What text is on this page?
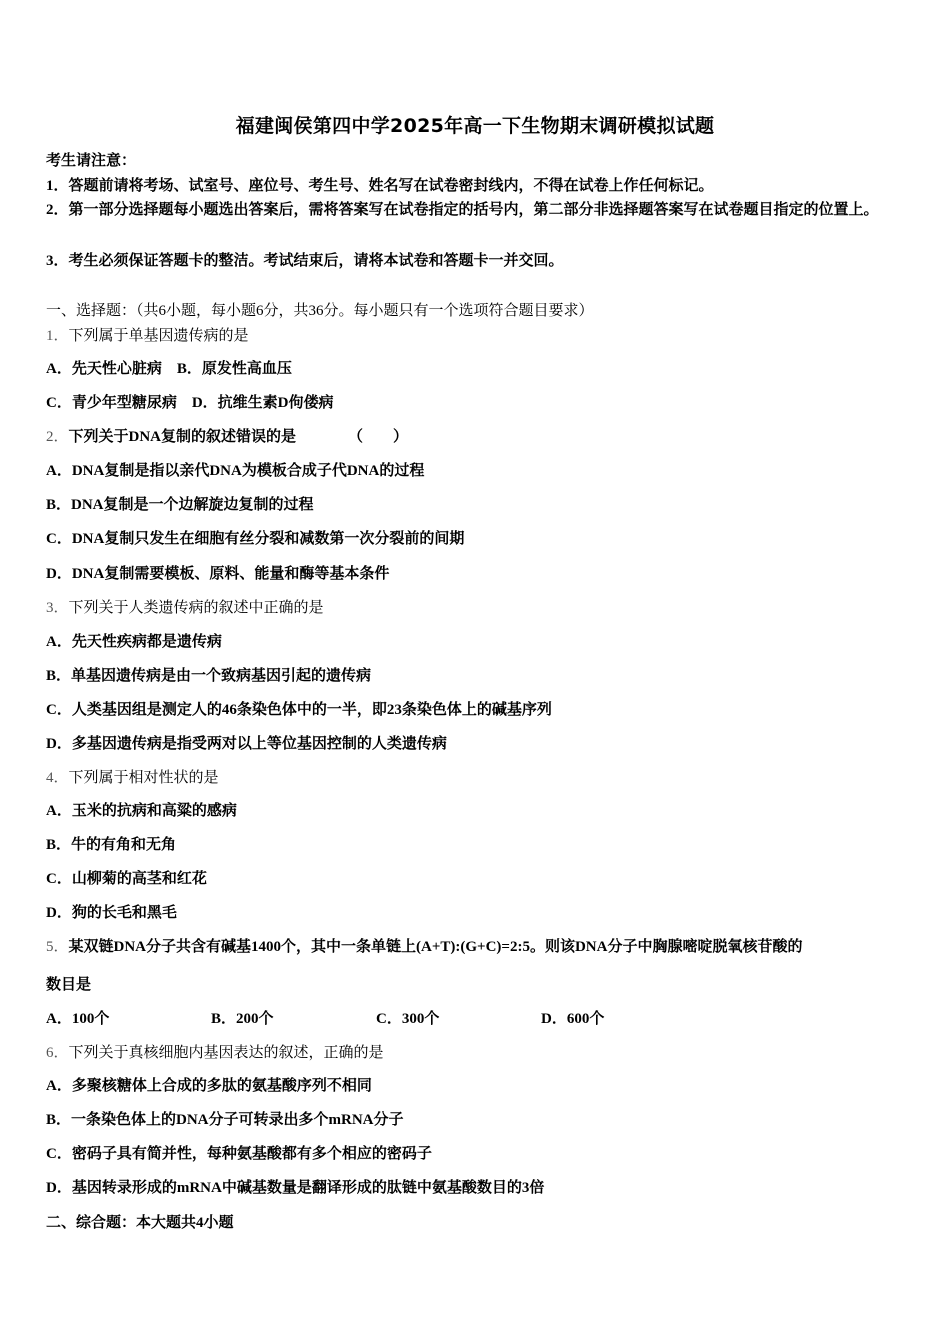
福建闽侯第四中学2025年高一下生物期末调研模拟试题
考生请注意：
1．答题前请将考场、试室号、座位号、考生号、姓名写在试卷密封线内，不得在试卷上作任何标记。
2．第一部分选择题每小题选出答案后，需将答案写在试卷指定的括号内，第二部分非选择题答案写在试卷题目指定的位置上。
3．考生必须保证答题卡的整洁。考试结束后，请将本试卷和答题卡一并交回。
一、选择题：（共6小题，每小题6分，共36分。每小题只有一个选项符合题目要求）
1．下列属于单基因遗传病的是
A．先天性心脏病　B．原发性高血压
C．青少年型糖尿病　D．抗维生素D佝偻病
2．下列关于DNA复制的叙述错误的是	（　　）
A．DNA复制是指以亲代DNA为模板合成子代DNA的过程
B．DNA复制是一个边解旋边复制的过程
C．DNA复制只发生在细胞有丝分裂和减数第一次分裂前的间期
D．DNA复制需要模板、原料、能量和酶等基本条件
3．下列关于人类遗传病的叙述中正确的是
A．先天性疾病都是遗传病
B．单基因遗传病是由一个致病基因引起的遗传病
C．人类基因组是测定人的46条染色体中的一半，即23条染色体上的碱基序列
D．多基因遗传病是指受两对以上等位基因控制的人类遗传病
4．下列属于相对性状的是
A．玉米的抗病和高粱的感病
B．牛的有角和无角
C．山柳菊的高茎和红花
D．狗的长毛和黑毛
5．某双链DNA分子共含有碱基1400个，其中一条单链上(A+T):(G+C)=2:5。则该DNA分子中胸腺嘧啶脱氧核苷酸的
数目是
A．100个	B．200个	C．300个	D．600个
6．下列关于真核细胞内基因表达的叙述，正确的是
A．多聚核糖体上合成的多肽的氨基酸序列不相同
B．一条染色体上的DNA分子可转录出多个mRNA分子
C．密码子具有简并性，每种氨基酸都有多个相应的密码子
D．基因转录形成的mRNA中碱基数量是翻译形成的肽链中氨基酸数目的3倍
二、综合题：本大题共4小题
